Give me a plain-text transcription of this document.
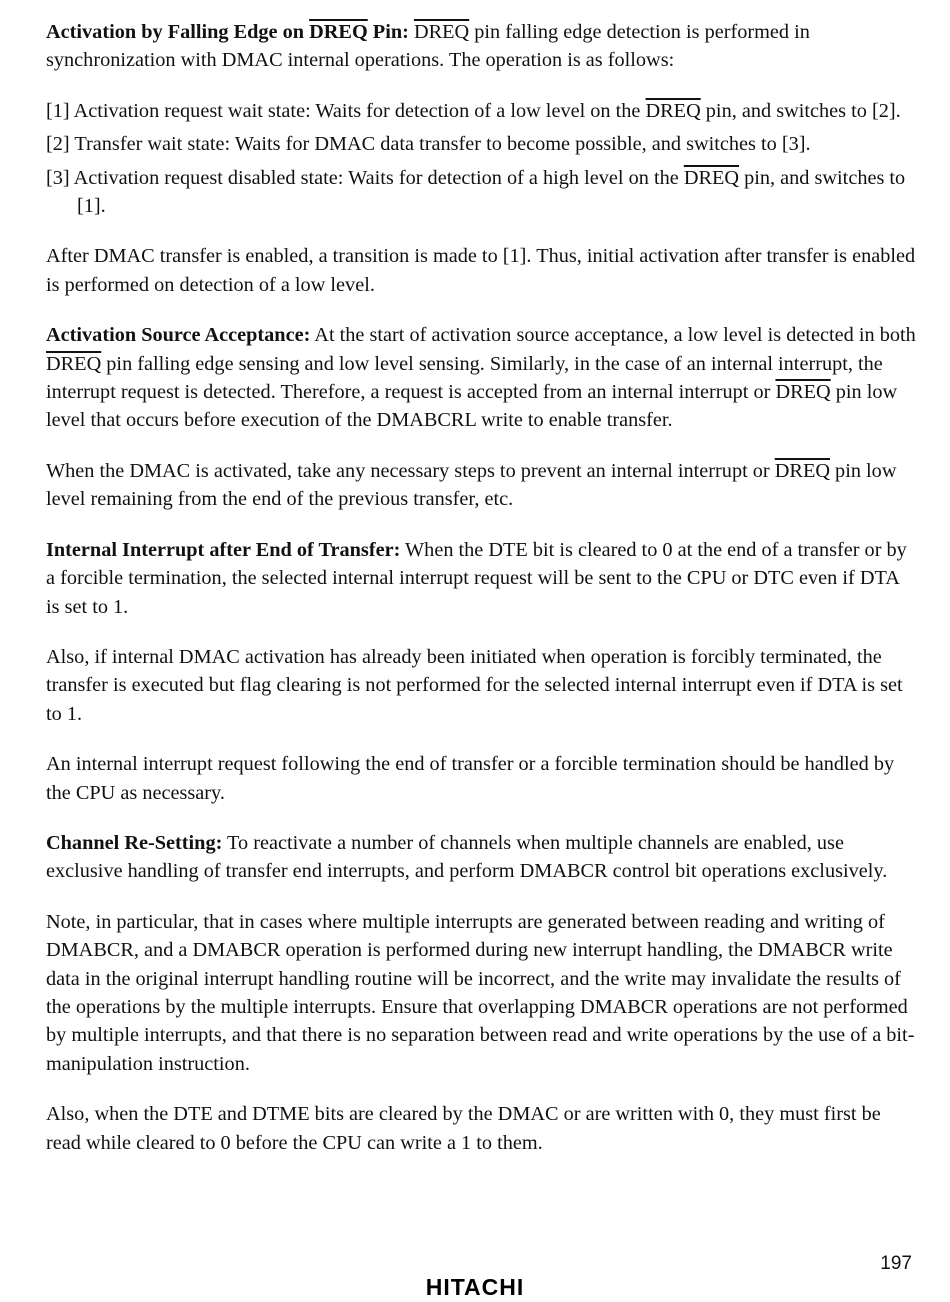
Activation by Falling Edge on DREQ Pin: DREQ pin falling edge detection is performed in synchronization with DMAC internal operations. The operation is as follows:

[1] Activation request wait state: Waits for detection of a low level on the DREQ pin, and switches to [2].
[2] Transfer wait state: Waits for DMAC data transfer to become possible, and switches to [3].
[3] Activation request disabled state: Waits for detection of a high level on the DREQ pin, and switches to [1].

After DMAC transfer is enabled, a transition is made to [1]. Thus, initial activation after transfer is enabled is performed on detection of a low level.

Activation Source Acceptance: At the start of activation source acceptance, a low level is detected in both DREQ pin falling edge sensing and low level sensing. Similarly, in the case of an internal interrupt, the interrupt request is detected. Therefore, a request is accepted from an internal interrupt or DREQ pin low level that occurs before execution of the DMABCRL write to enable transfer.

When the DMAC is activated, take any necessary steps to prevent an internal interrupt or DREQ pin low level remaining from the end of the previous transfer, etc.

Internal Interrupt after End of Transfer: When the DTE bit is cleared to 0 at the end of a transfer or by a forcible termination, the selected internal interrupt request will be sent to the CPU or DTC even if DTA is set to 1.

Also, if internal DMAC activation has already been initiated when operation is forcibly terminated, the transfer is executed but flag clearing is not performed for the selected internal interrupt even if DTA is set to 1.

An internal interrupt request following the end of transfer or a forcible termination should be handled by the CPU as necessary.

Channel Re-Setting: To reactivate a number of channels when multiple channels are enabled, use exclusive handling of transfer end interrupts, and perform DMABCR control bit operations exclusively.

Note, in particular, that in cases where multiple interrupts are generated between reading and writing of DMABCR, and a DMABCR operation is performed during new interrupt handling, the DMABCR write data in the original interrupt handling routine will be incorrect, and the write may invalidate the results of the operations by the multiple interrupts. Ensure that overlapping DMABCR operations are not performed by multiple interrupts, and that there is no separation between read and write operations by the use of a bit-manipulation instruction.

Also, when the DTE and DTME bits are cleared by the DMAC or are written with 0, they must first be read while cleared to 0 before the CPU can write a 1 to them.

197
HITACHI
